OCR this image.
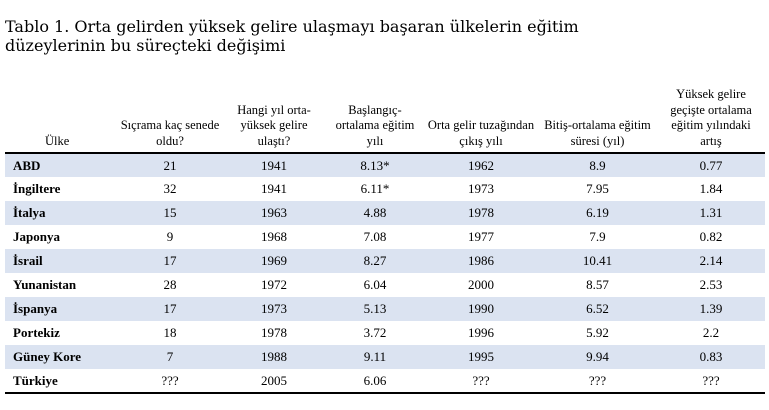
Tablo 1. Orta gelirden yüksek gelire ulaşmayı başaran ülkelerin eğitim düzeylerinin bu süreçteki değişimi
Ülke	Sıçrama kaç senede oldu?	Hangi yıl orta-yüksek gelire ulaştı?	Başlangıç-ortalama eğitim yılı	Orta gelir tuzağından çıkış yılı	Bitiş-ortalama eğitim süresi (yıl)	Yüksek gelire geçişte ortalama eğitim yılındaki artış
ABD	21	1941	8.13*	1962	8.9	0.77
İngiltere	32	1941	6.11*	1973	7.95	1.84
İtalya	15	1963	4.88	1978	6.19	1.31
Japonya	9	1968	7.08	1977	7.9	0.82
İsrail	17	1969	8.27	1986	10.41	2.14
Yunanistan	28	1972	6.04	2000	8.57	2.53
İspanya	17	1973	5.13	1990	6.52	1.39
Portekiz	18	1978	3.72	1996	5.92	2.2
Güney Kore	7	1988	9.11	1995	9.94	0.83
Türkiye	???	2005	6.06	???	???	???
